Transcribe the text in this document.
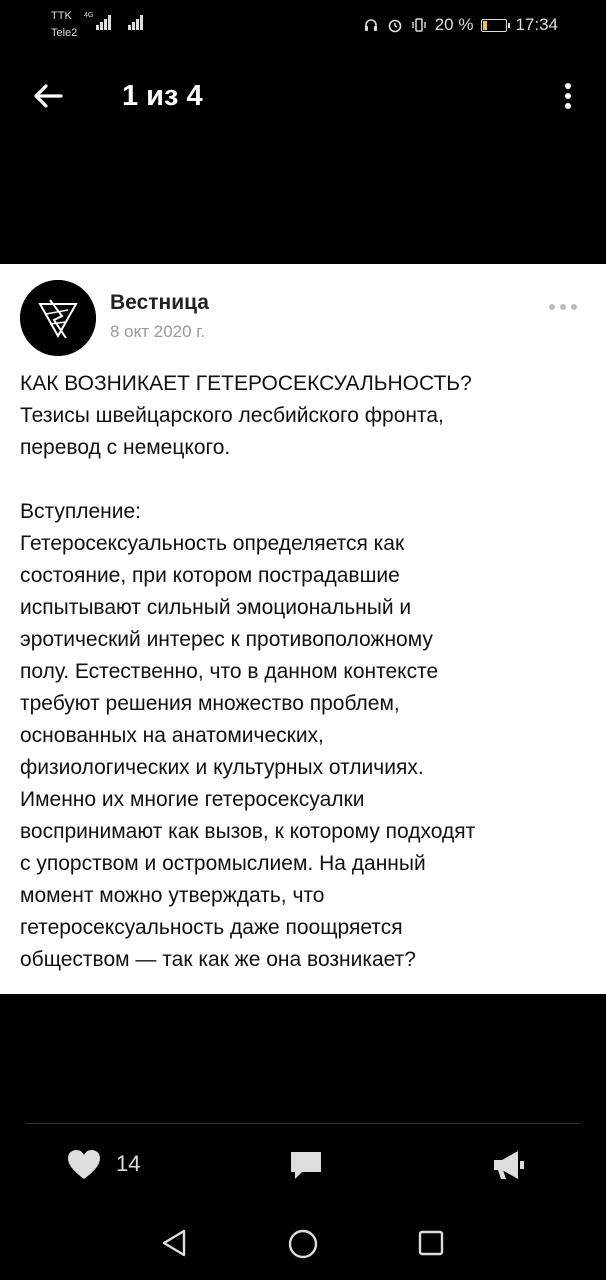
TTK
Tele2
4G	20 % 17:34
1 из 4
Вестница
8 окт 2020 г.

КАК ВОЗНИКАЕТ ГЕТЕРОСЕКСУАЛЬНОСТЬ?
Тезисы швейцарского лесбийского фронта,
перевод с немецкого.

Вступление:
Гетеросексуальность определяется как
состояние, при котором пострадавшие
испытывают сильный эмоциональный и
эротический интерес к противоположному
полу. Естественно, что в данном контексте
требуют решения множество проблем,
основанных на анатомических,
физиологических и культурных отличиях.
Именно их многие гетеросексуалки
воспринимают как вызов, к которому подходят
с упорством и остромыслием. На данный
момент можно утверждать, что
гетеросексуальность даже поощряется
обществом — так как же она возникает?

14
